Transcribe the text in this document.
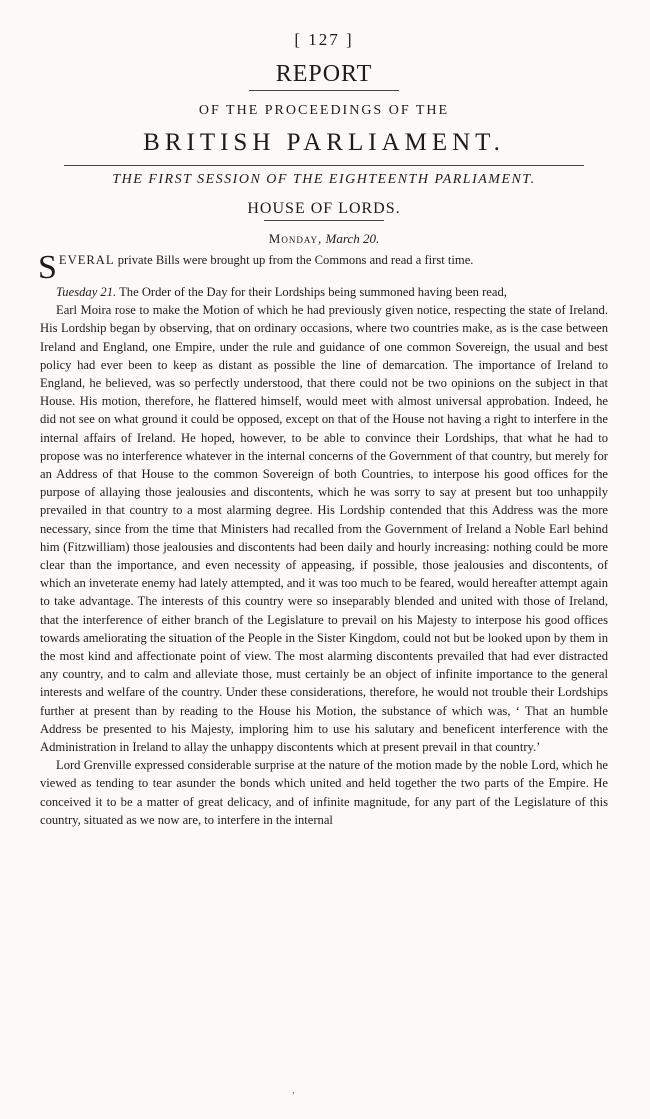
[ 127 ]
REPORT
OF THE PROCEEDINGS OF THE
BRITISH PARLIAMENT.
THE FIRST SESSION OF THE EIGHTEENTH PARLIAMENT.
HOUSE OF LORDS.
Monday, March 20.

SEVERAL private Bills were brought up from the Commons and read a first time.

Tuesday 21. The Order of the Day for their Lordships being summoned having been read,

Earl Moira rose to make the Motion of which he had previously given notice, respecting the state of Ireland. His Lordship began by observing, that on ordinary occasions, where two countries make, as is the case between Ireland and England, one Empire, under the rule and guidance of one common Sovereign, the usual and best policy had ever been to keep as distant as possible the line of demarcation. The importance of Ireland to England, he believed, was so perfectly understood, that there could not be two opinions on the subject in that House. His motion, therefore, he flattered himself, would meet with almost universal approbation. Indeed, he did not see on what ground it could be opposed, except on that of the House not having a right to interfere in the internal affairs of Ireland. He hoped, however, to be able to convince their Lordships, that what he had to propose was no interference whatever in the internal concerns of the Government of that country, but merely for an Address of that House to the common Sovereign of both Countries, to interpose his good offices for the purpose of allaying those jealousies and discontents, which he was sorry to say at present but too unhappily prevailed in that country to a most alarming degree. His Lordship contended that this Address was the more necessary, since from the time that Ministers had recalled from the Government of Ireland a Noble Earl behind him (Fitzwilliam) those jealousies and discontents had been daily and hourly increasing: nothing could be more clear than the importance, and even necessity of appeasing, if possible, those jealousies and discontents, of which an inveterate enemy had lately attempted, and it was too much to be feared, would hereafter attempt again to take advantage. The interests of this country were so inseparably blended and united with those of Ireland, that the interference of either branch of the Legislature to prevail on his Majesty to interpose his good offices towards ameliorating the situation of the People in the Sister Kingdom, could not but be looked upon by them in the most kind and affectionate point of view. The most alarming discontents prevailed that had ever distracted any country, and to calm and alleviate those, must certainly be an object of infinite importance to the general interests and welfare of the country. Under these considerations, therefore, he would not trouble their Lordships further at present than by reading to the House his Motion, the substance of which was, ‘ That an humble Address be presented to his Majesty, imploring him to use his salutary and beneficent interference with the Administration in Ireland to allay the unhappy discontents which at present prevail in that country.’

Lord Grenville expressed considerable surprise at the nature of the motion made by the noble Lord, which he viewed as tending to tear asunder the bonds which united and held together the two parts of the Empire. He conceived it to be a matter of great delicacy, and of infinite magnitude, for any part of the Legislature of this country, situated as we now are, to interfere in the internal

,
